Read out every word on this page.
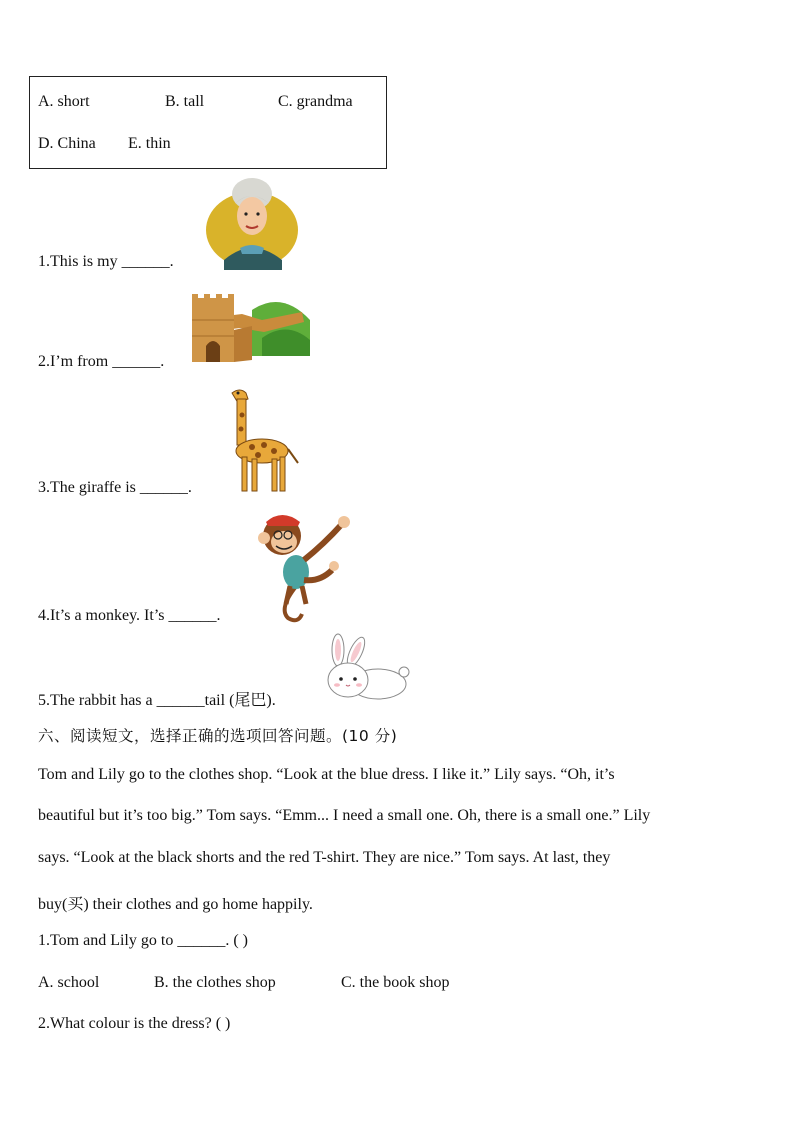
A. short	B. tall	C. grandma
D. China E. thin
1.This is my ______.
2.I’m from ______.
3.The giraffe is ______.
4.It’s a monkey. It’s ______.
5.The rabbit has a ______tail (尾巴).
六、阅读短文，选择正确的选项回答问题。(10 分)
Tom and Lily go to the clothes shop. “Look at the blue dress. I like it.” Lily says. “Oh, it’s
beautiful but it’s too big.” Tom says. “Emm... I need a small one. Oh, there is a small one.” Lily
says. “Look at the black shorts and the red T-shirt. They are nice.” Tom says. At last, they
buy(买) their clothes and go home happily.
1.Tom and Lily go to ______. ( )
A. school	B. the clothes shop	C. the book shop
2.What colour is the dress? ( )
